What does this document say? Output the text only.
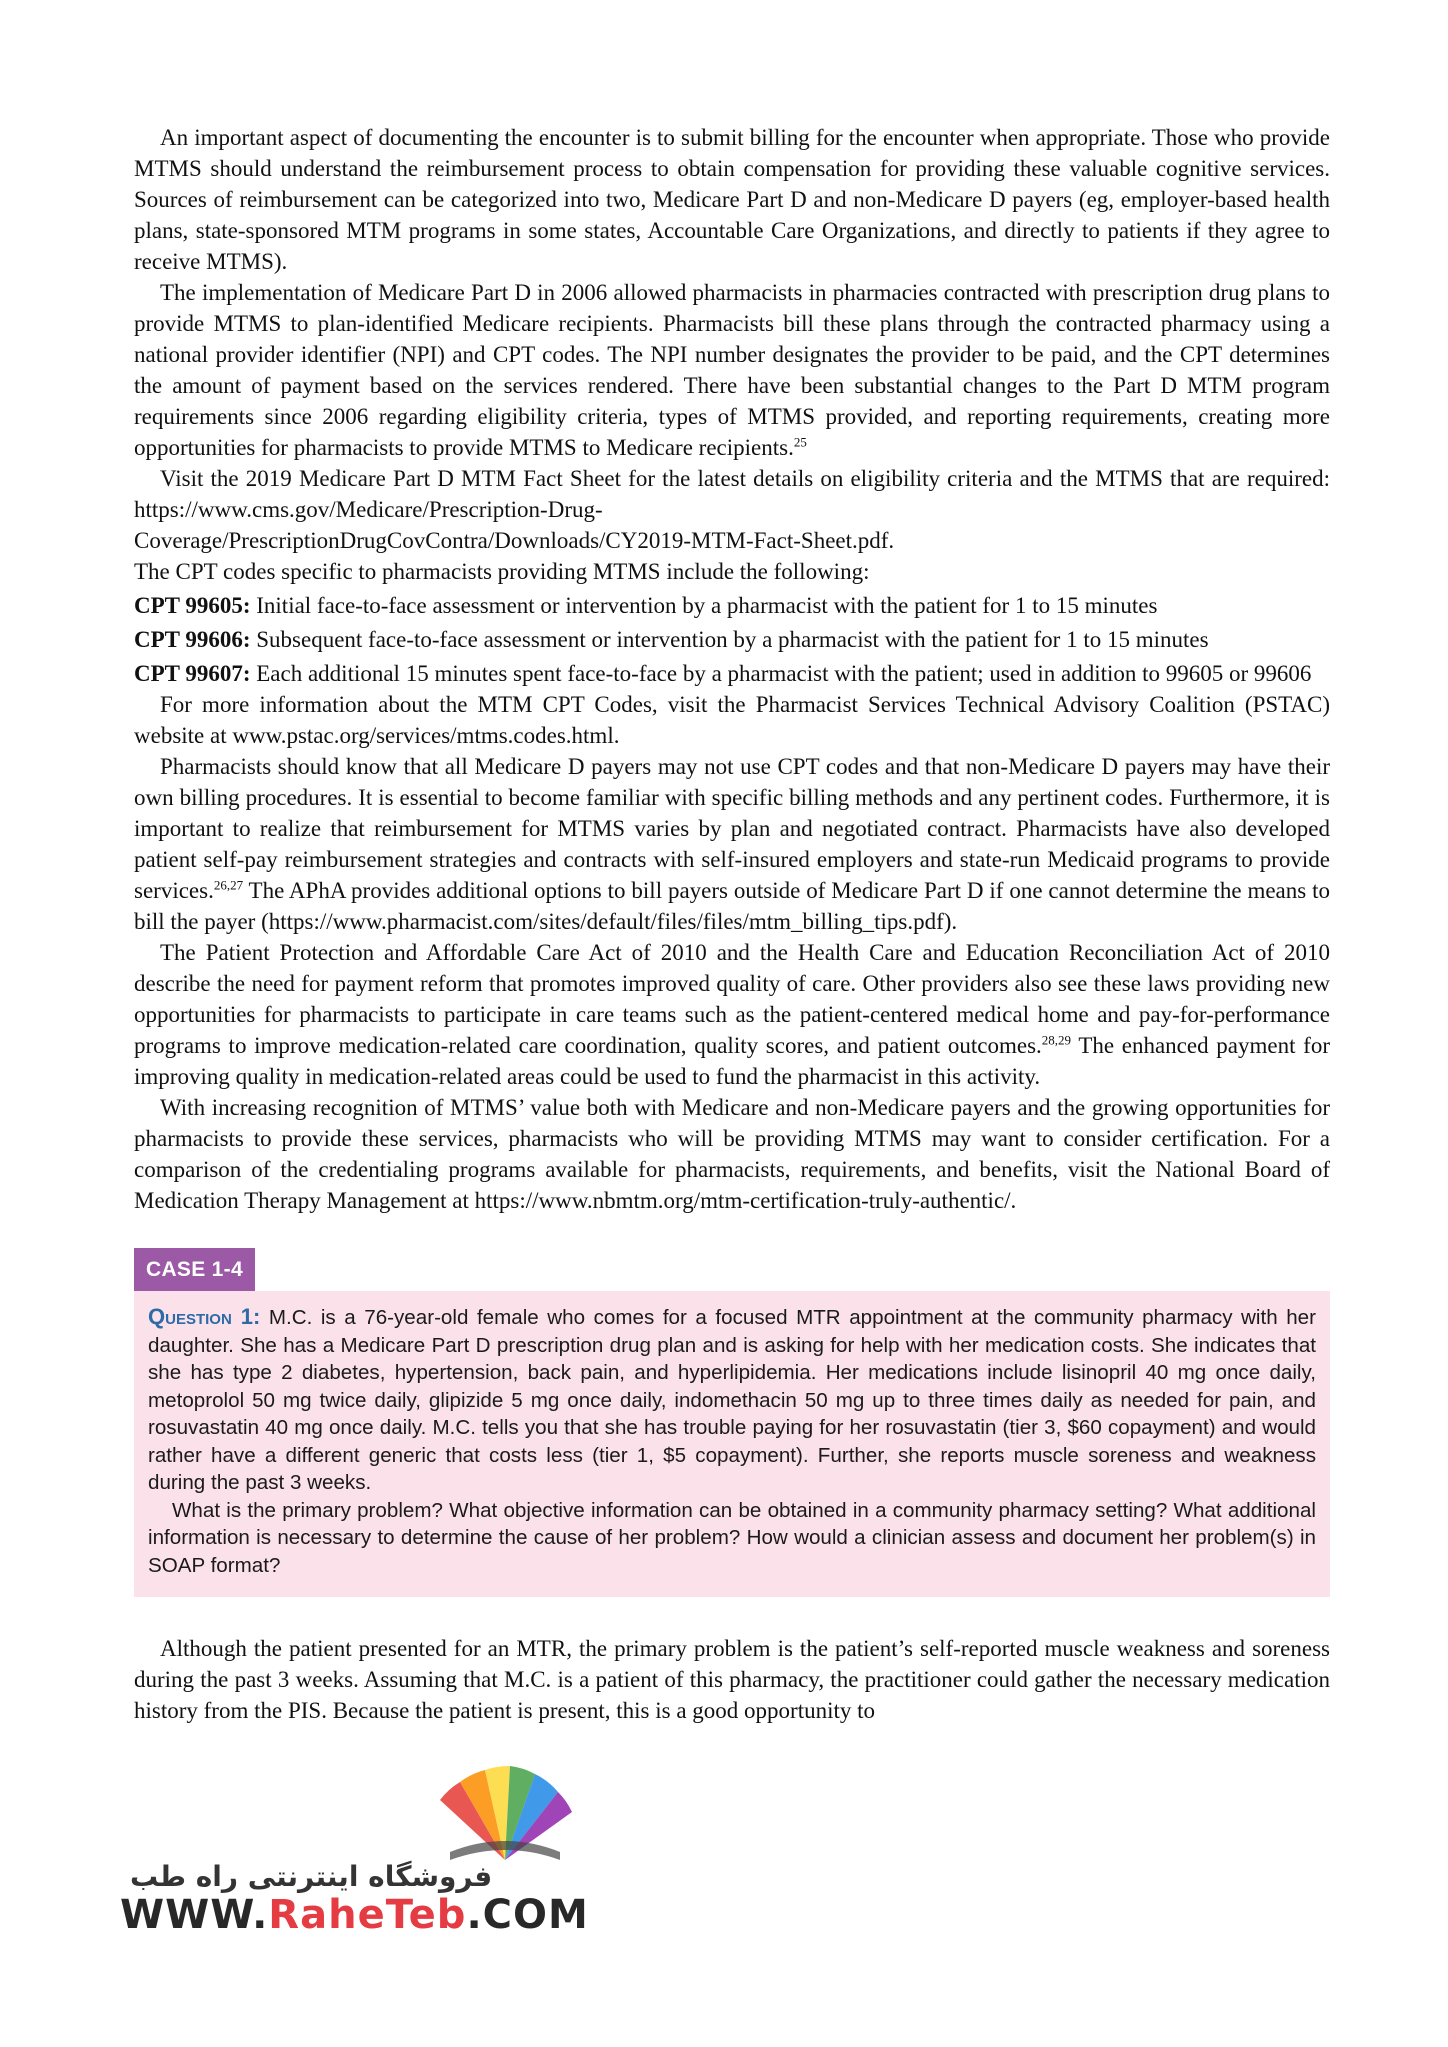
An important aspect of documenting the encounter is to submit billing for the encounter when appropriate. Those who provide MTMS should understand the reimbursement process to obtain compensation for providing these valuable cognitive services. Sources of reimbursement can be categorized into two, Medicare Part D and non-Medicare D payers (eg, employer-based health plans, state-sponsored MTM programs in some states, Accountable Care Organizations, and directly to patients if they agree to receive MTMS).

The implementation of Medicare Part D in 2006 allowed pharmacists in pharmacies contracted with prescription drug plans to provide MTMS to plan-identified Medicare recipients. Pharmacists bill these plans through the contracted pharmacy using a national provider identifier (NPI) and CPT codes. The NPI number designates the provider to be paid, and the CPT determines the amount of payment based on the services rendered. There have been substantial changes to the Part D MTM program requirements since 2006 regarding eligibility criteria, types of MTMS provided, and reporting requirements, creating more opportunities for pharmacists to provide MTMS to Medicare recipients.$^{25}$

Visit the 2019 Medicare Part D MTM Fact Sheet for the latest details on eligibility criteria and the MTMS that are required: https://www.cms.gov/Medicare/Prescription-Drug-

Coverage/PrescriptionDrugCovContra/Downloads/CY2019-MTM-Fact-Sheet.pdf.

The CPT codes specific to pharmacists providing MTMS include the following:

CPT 99605: Initial face-to-face assessment or intervention by a pharmacist with the patient for 1 to 15 minutes

CPT 99606: Subsequent face-to-face assessment or intervention by a pharmacist with the patient for 1 to 15 minutes

CPT 99607: Each additional 15 minutes spent face-to-face by a pharmacist with the patient; used in addition to 99605 or 99606

For more information about the MTM CPT Codes, visit the Pharmacist Services Technical Advisory Coalition (PSTAC) website at www.pstac.org/services/mtms.codes.html.

Pharmacists should know that all Medicare D payers may not use CPT codes and that non-Medicare D payers may have their own billing procedures. It is essential to become familiar with specific billing methods and any pertinent codes. Furthermore, it is important to realize that reimbursement for MTMS varies by plan and negotiated contract. Pharmacists have also developed patient self-pay reimbursement strategies and contracts with self-insured employers and state-run Medicaid programs to provide services.$^{26,27}$ The APhA provides additional options to bill payers outside of Medicare Part D if one cannot determine the means to bill the payer (https://www.pharmacist.com/sites/default/files/files/mtm_billing_tips.pdf).

The Patient Protection and Affordable Care Act of 2010 and the Health Care and Education Reconciliation Act of 2010 describe the need for payment reform that promotes improved quality of care. Other providers also see these laws providing new opportunities for pharmacists to participate in care teams such as the patient-centered medical home and pay-for-performance programs to improve medication-related care coordination, quality scores, and patient outcomes.$^{28,29}$ The enhanced payment for improving quality in medication-related areas could be used to fund the pharmacist in this activity.

With increasing recognition of MTMS’ value both with Medicare and non-Medicare payers and the growing opportunities for pharmacists to provide these services, pharmacists who will be providing MTMS may want to consider certification. For a comparison of the credentialing programs available for pharmacists, requirements, and benefits, visit the National Board of Medication Therapy Management at https://www.nbmtm.org/mtm-certification-truly-authentic/.

CASE 1-4

Question 1: M.C. is a 76-year-old female who comes for a focused MTR appointment at the community pharmacy with her daughter. She has a Medicare Part D prescription drug plan and is asking for help with her medication costs. She indicates that she has type 2 diabetes, hypertension, back pain, and hyperlipidemia. Her medications include lisinopril 40 mg once daily, metoprolol 50 mg twice daily, glipizide 5 mg once daily, indomethacin 50 mg up to three times daily as needed for pain, and rosuvastatin 40 mg once daily. M.C. tells you that she has trouble paying for her rosuvastatin (tier 3, $60 copayment) and would rather have a different generic that costs less (tier 1, $5 copayment). Further, she reports muscle soreness and weakness during the past 3 weeks.

What is the primary problem? What objective information can be obtained in a community pharmacy setting? What additional information is necessary to determine the cause of her problem? How would a clinician assess and document her problem(s) in SOAP format?

Although the patient presented for an MTR, the primary problem is the patient’s self-reported muscle weakness and soreness during the past 3 weeks. Assuming that M.C. is a patient of this pharmacy, the practitioner could gather the necessary medication history from the PIS. Because the patient is present, this is a good opportunity to

فروشگاه اینترنتی راه طب
WWW.RaheTeb.COM
